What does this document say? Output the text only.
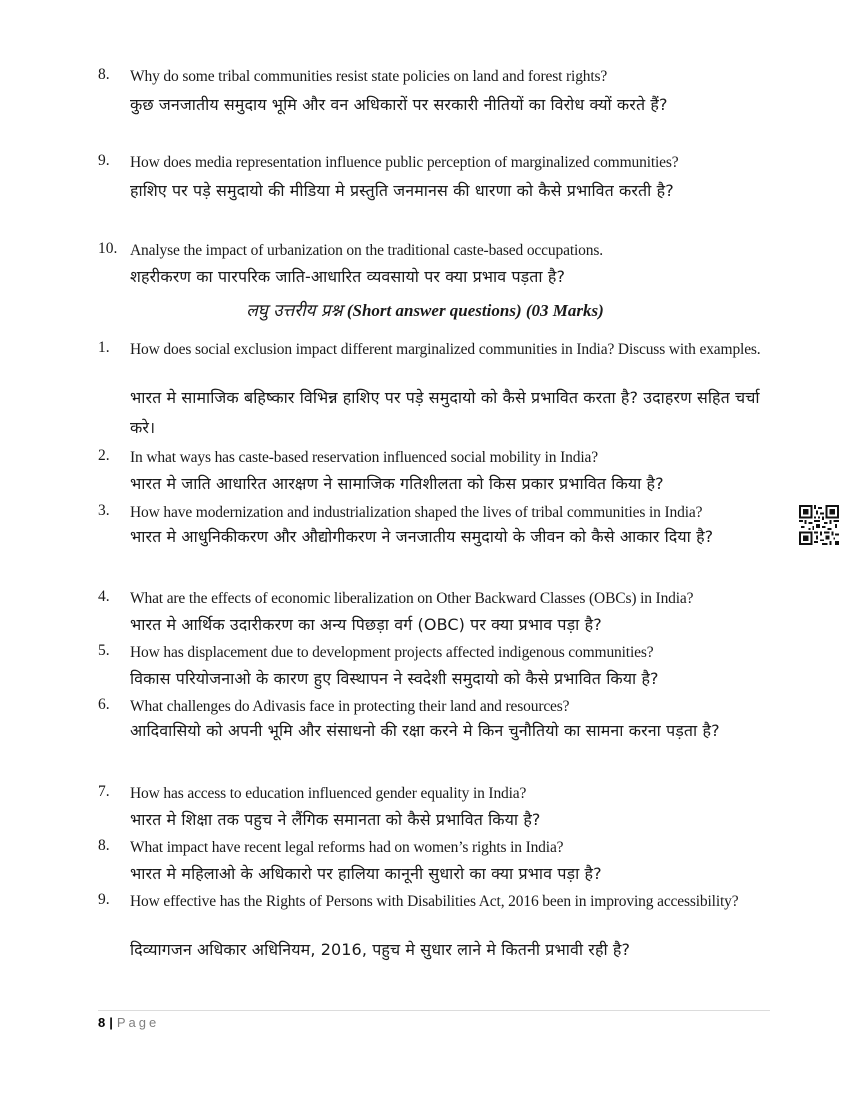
8. Why do some tribal communities resist state policies on land and forest rights?
कुछ जनजातीय समुदाय भूमि और वन अधिकारों पर सरकारी नीतियों का विरोध क्यों करते हैं?
9. How does media representation influence public perception of marginalized communities?
हाशिए पर पड़े समुदायो की मीडिया मे प्रस्तुति जनमानस की धारणा को कैसे प्रभावित करती है?
10. Analyse the impact of urbanization on the traditional caste-based occupations.
शहरीकरण का पारपरिक जाति-आधारित व्यवसायो पर क्या प्रभाव पड़ता है?
लघु उत्तरीय प्रश्न (Short answer questions) (03 Marks)
1. How does social exclusion impact different marginalized communities in India? Discuss with examples.
भारत मे सामाजिक बहिष्कार विभिन्न हाशिए पर पड़े समुदायो को कैसे प्रभावित करता है? उदाहरण सहित चर्चा करे।
2. In what ways has caste-based reservation influenced social mobility in India?
भारत मे जाति आधारित आरक्षण ने सामाजिक गतिशीलता को किस प्रकार प्रभावित किया है?
3. How have modernization and industrialization shaped the lives of tribal communities in India?
भारत मे आधुनिकीकरण और औद्योगीकरण ने जनजातीय समुदायो के जीवन को कैसे आकार दिया है?
4. What are the effects of economic liberalization on Other Backward Classes (OBCs) in India?
भारत मे आर्थिक उदारीकरण का अन्य पिछड़ा वर्ग (OBC) पर क्या प्रभाव पड़ा है?
5. How has displacement due to development projects affected indigenous communities?
विकास परियोजनाओ के कारण हुए विस्थापन ने स्वदेशी समुदायो को कैसे प्रभावित किया है?
6. What challenges do Adivasis face in protecting their land and resources?
आदिवासियो को अपनी भूमि और संसाधनो की रक्षा करने मे किन चुनौतियो का सामना करना पड़ता है?
7. How has access to education influenced gender equality in India?
भारत मे शिक्षा तक पहुच ने लैंगिक समानता को कैसे प्रभावित किया है?
8. What impact have recent legal reforms had on women’s rights in India?
भारत मे महिलाओ के अधिकारो पर हालिया कानूनी सुधारो का क्या प्रभाव पड़ा है?
9. How effective has the Rights of Persons with Disabilities Act, 2016 been in improving accessibility?
दिव्यागजन अधिकार अधिनियम, 2016, पहुच मे सुधार लाने मे कितनी प्रभावी रही है?
8 | Page
